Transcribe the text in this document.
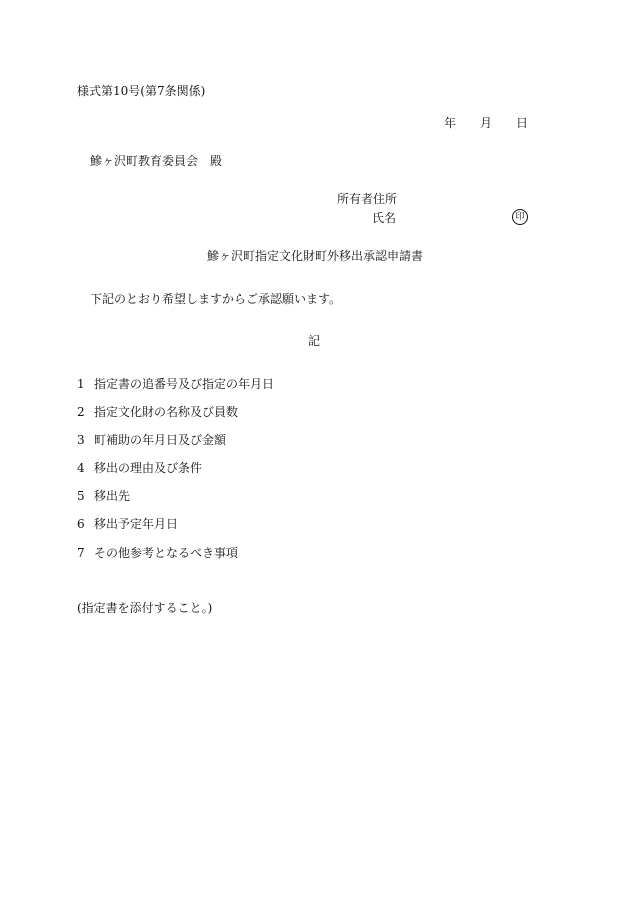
様式第10号(第7条関係)
年 月 日
鰺ヶ沢町教育委員会　殿
所有者住所
氏名	印
鰺ヶ沢町指定文化財町外移出承認申請書
下記のとおり希望しますからご承認願います。
記
1 指定書の追番号及び指定の年月日
2 指定文化財の名称及び員数
3 町補助の年月日及び金額
4 移出の理由及び条件
5 移出先
6 移出予定年月日
7 その他参考となるべき事項
(指定書を添付すること。)
